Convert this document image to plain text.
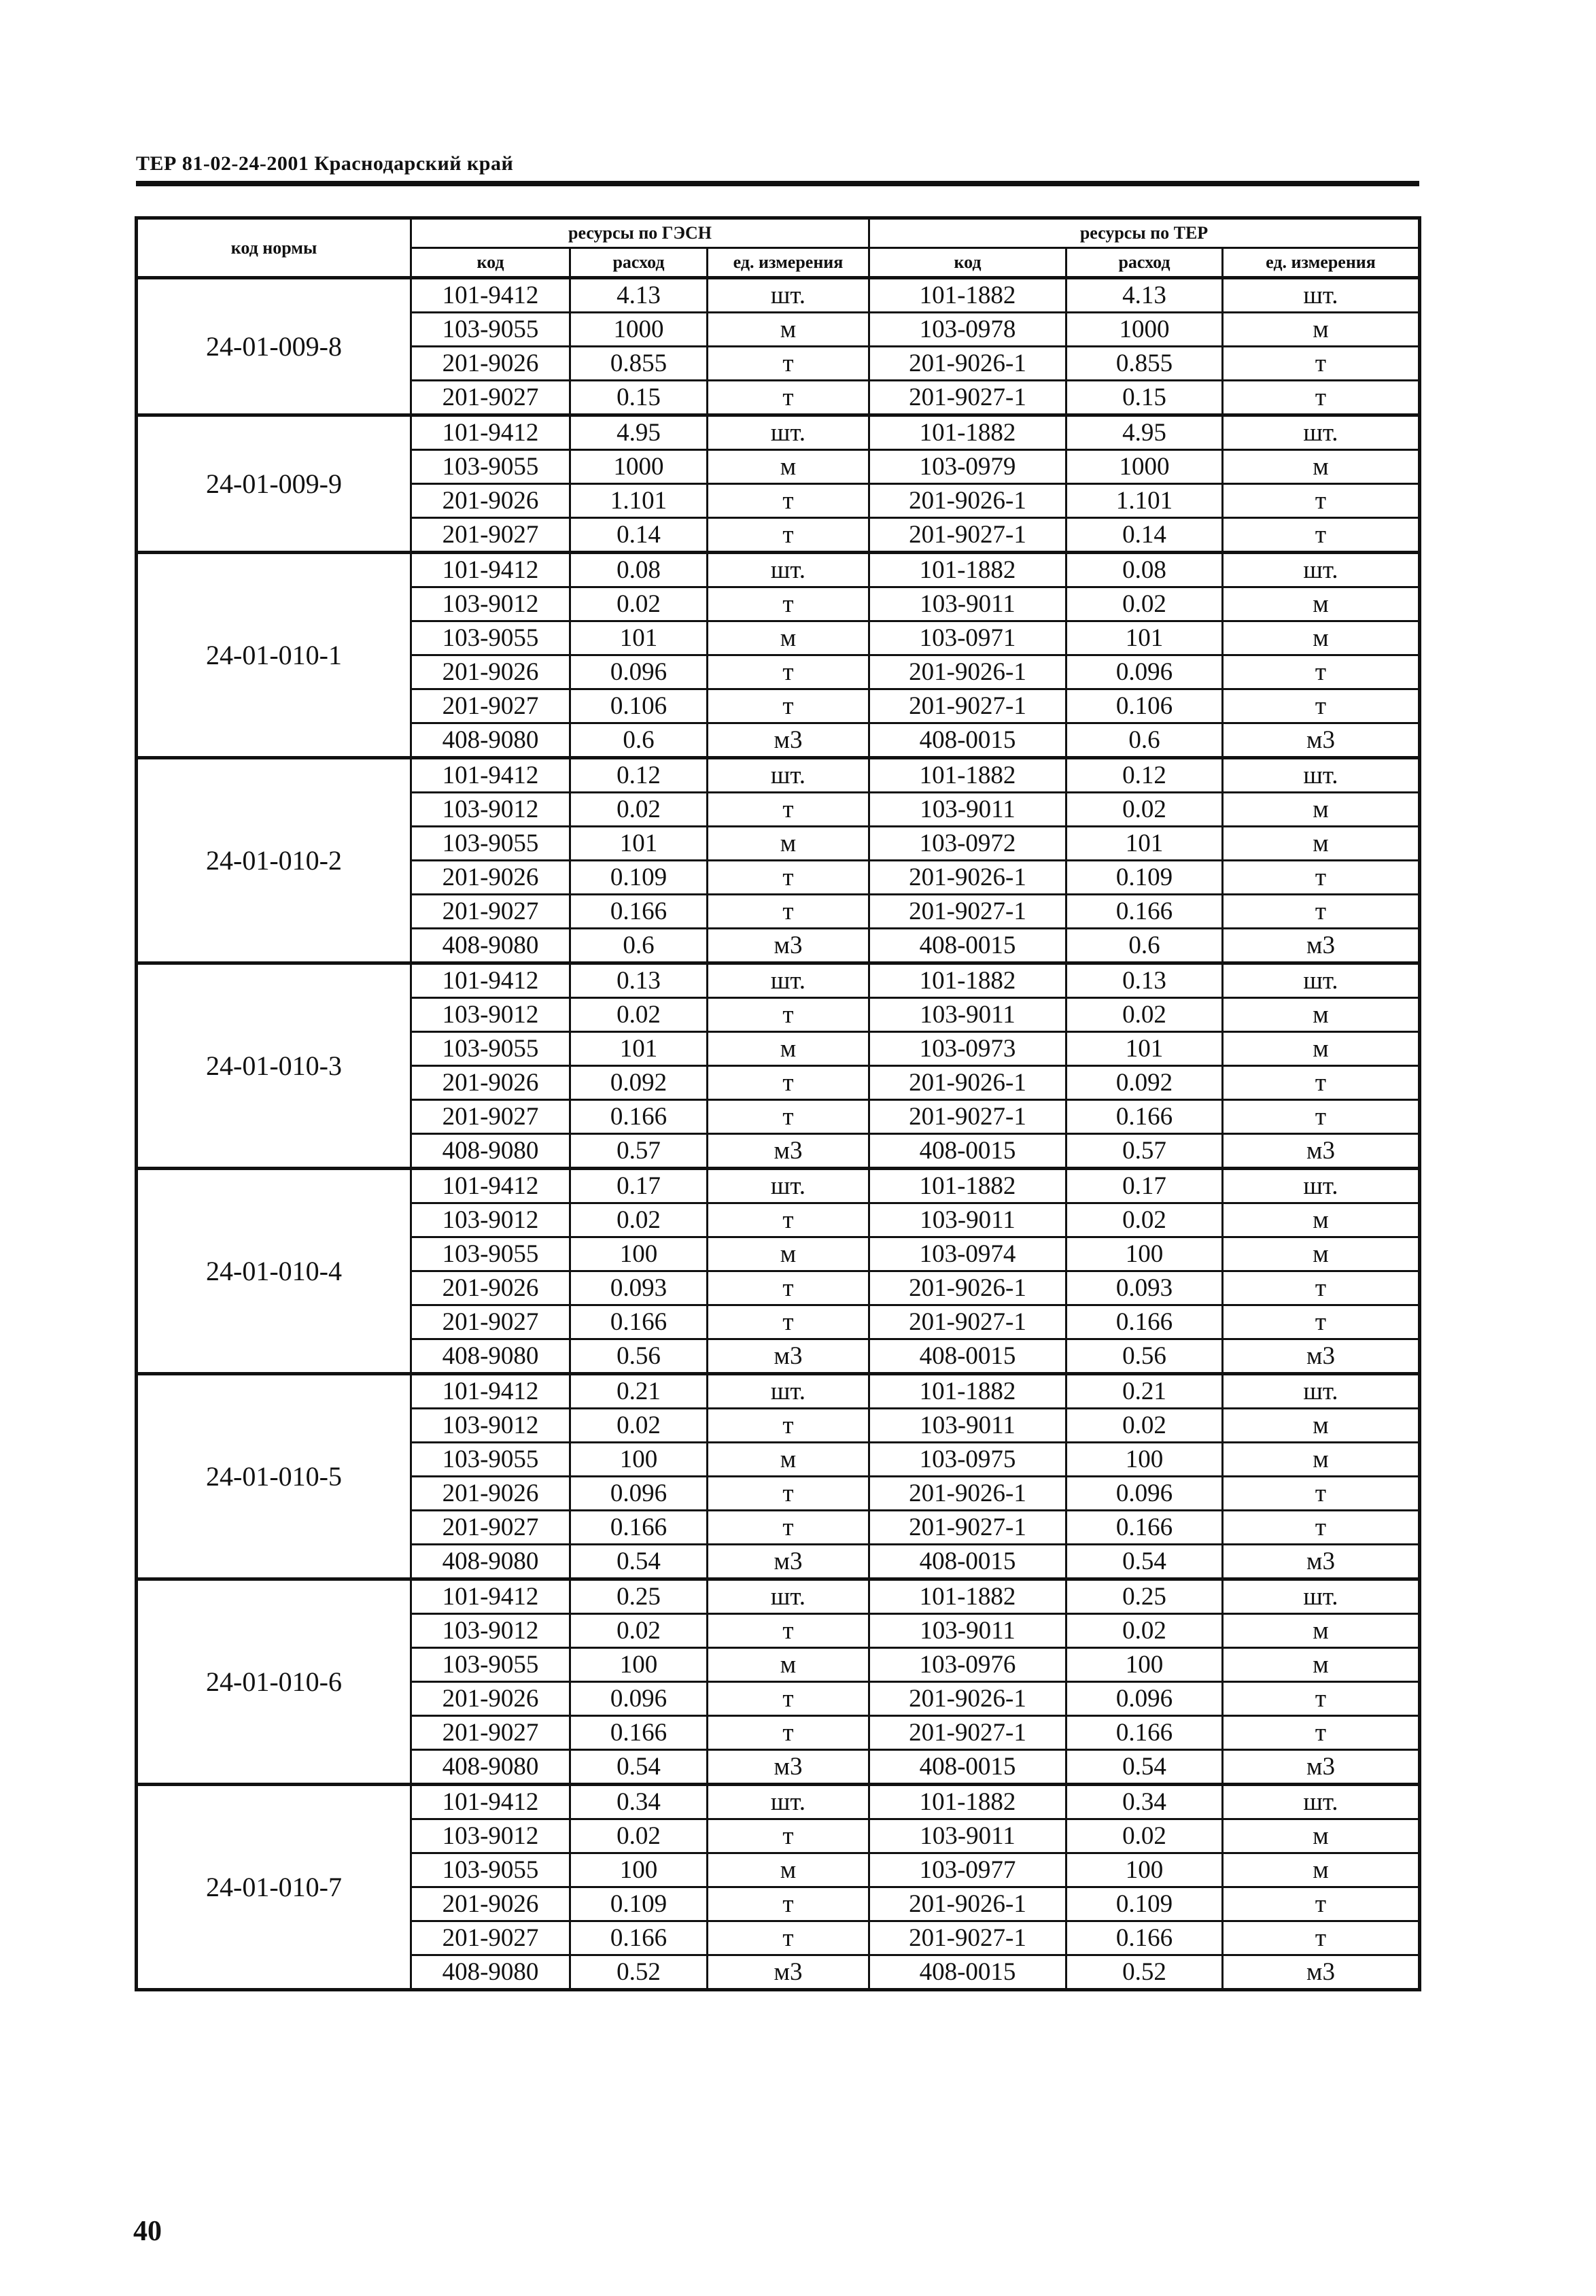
ТЕР 81-02-24-2001 Краснодарский край
код нормы	ресурсы по ГЭСН			ресурсы по ТЕР		
	код	расход	ед. измерения	код	расход	ед. измерения
24-01-009-8	101-9412	4.13	шт.	101-1882	4.13	шт.
	103-9055	1000	м	103-0978	1000	м
	201-9026	0.855	т	201-9026-1	0.855	т
	201-9027	0.15	т	201-9027-1	0.15	т
24-01-009-9	101-9412	4.95	шт.	101-1882	4.95	шт.
	103-9055	1000	м	103-0979	1000	м
	201-9026	1.101	т	201-9026-1	1.101	т
	201-9027	0.14	т	201-9027-1	0.14	т
24-01-010-1	101-9412	0.08	шт.	101-1882	0.08	шт.
	103-9012	0.02	т	103-9011	0.02	м
	103-9055	101	м	103-0971	101	м
	201-9026	0.096	т	201-9026-1	0.096	т
	201-9027	0.106	т	201-9027-1	0.106	т
	408-9080	0.6	м3	408-0015	0.6	м3
24-01-010-2	101-9412	0.12	шт.	101-1882	0.12	шт.
	103-9012	0.02	т	103-9011	0.02	м
	103-9055	101	м	103-0972	101	м
	201-9026	0.109	т	201-9026-1	0.109	т
	201-9027	0.166	т	201-9027-1	0.166	т
	408-9080	0.6	м3	408-0015	0.6	м3
24-01-010-3	101-9412	0.13	шт.	101-1882	0.13	шт.
	103-9012	0.02	т	103-9011	0.02	м
	103-9055	101	м	103-0973	101	м
	201-9026	0.092	т	201-9026-1	0.092	т
	201-9027	0.166	т	201-9027-1	0.166	т
	408-9080	0.57	м3	408-0015	0.57	м3
24-01-010-4	101-9412	0.17	шт.	101-1882	0.17	шт.
	103-9012	0.02	т	103-9011	0.02	м
	103-9055	100	м	103-0974	100	м
	201-9026	0.093	т	201-9026-1	0.093	т
	201-9027	0.166	т	201-9027-1	0.166	т
	408-9080	0.56	м3	408-0015	0.56	м3
24-01-010-5	101-9412	0.21	шт.	101-1882	0.21	шт.
	103-9012	0.02	т	103-9011	0.02	м
	103-9055	100	м	103-0975	100	м
	201-9026	0.096	т	201-9026-1	0.096	т
	201-9027	0.166	т	201-9027-1	0.166	т
	408-9080	0.54	м3	408-0015	0.54	м3
24-01-010-6	101-9412	0.25	шт.	101-1882	0.25	шт.
	103-9012	0.02	т	103-9011	0.02	м
	103-9055	100	м	103-0976	100	м
	201-9026	0.096	т	201-9026-1	0.096	т
	201-9027	0.166	т	201-9027-1	0.166	т
	408-9080	0.54	м3	408-0015	0.54	м3
24-01-010-7	101-9412	0.34	шт.	101-1882	0.34	шт.
	103-9012	0.02	т	103-9011	0.02	м
	103-9055	100	м	103-0977	100	м
	201-9026	0.109	т	201-9026-1	0.109	т
	201-9027	0.166	т	201-9027-1	0.166	т
	408-9080	0.52	м3	408-0015	0.52	м3
40
